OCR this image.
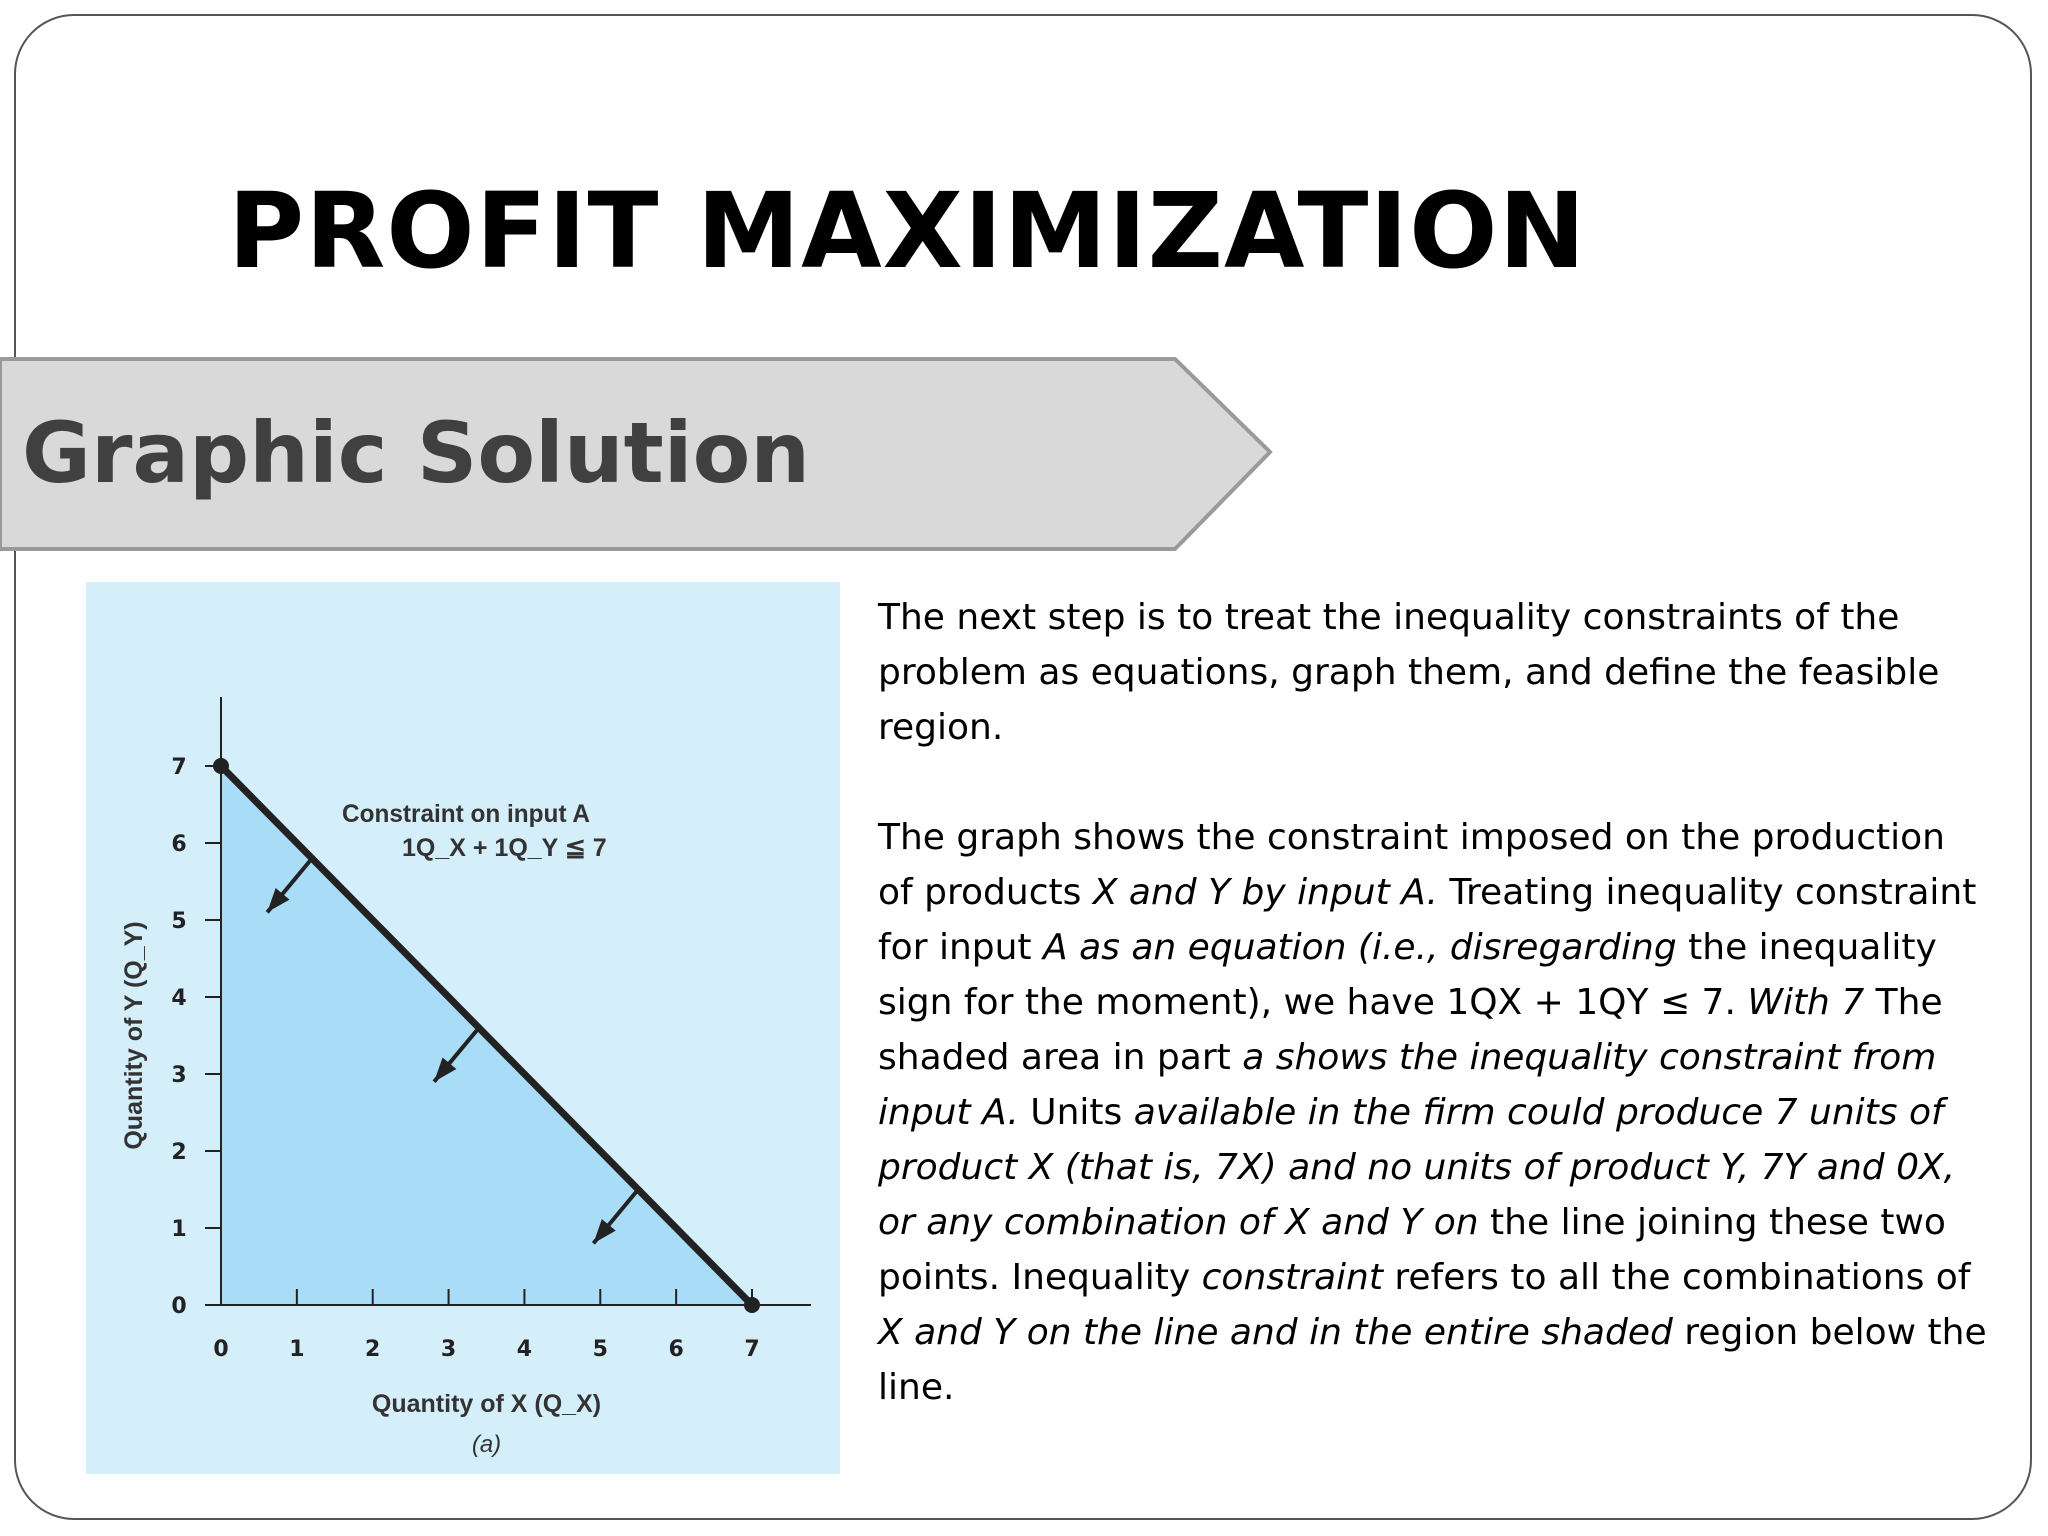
PROFIT MAXIMIZATION
Graphic Solution
0	1	2	3	4	5	6	7
0
1
2
3
4
5
6
7
Constraint on input A
1Q_X + 1Q_Y ≦ 7
Quantity of X (Q_X)
Quantity of Y (Q_Y)
(a)

The next step is to treat the inequality constraints of the problem as equations, graph them, and define the feasible region.

The graph shows the constraint imposed on the production of products X and Y by input A. Treating inequality constraint for input A as an equation (i.e., disregarding the inequality sign for the moment), we have 1QX + 1QY ≤ 7. With 7 The shaded area in part a shows the inequality constraint from input A. Units available in the firm could produce 7 units of product X (that is, 7X) and no units of product Y, 7Y and 0X, or any combination of X and Y on the line joining these two points. Inequality constraint refers to all the combinations of X and Y on the line and in the entire shaded region below the line.
